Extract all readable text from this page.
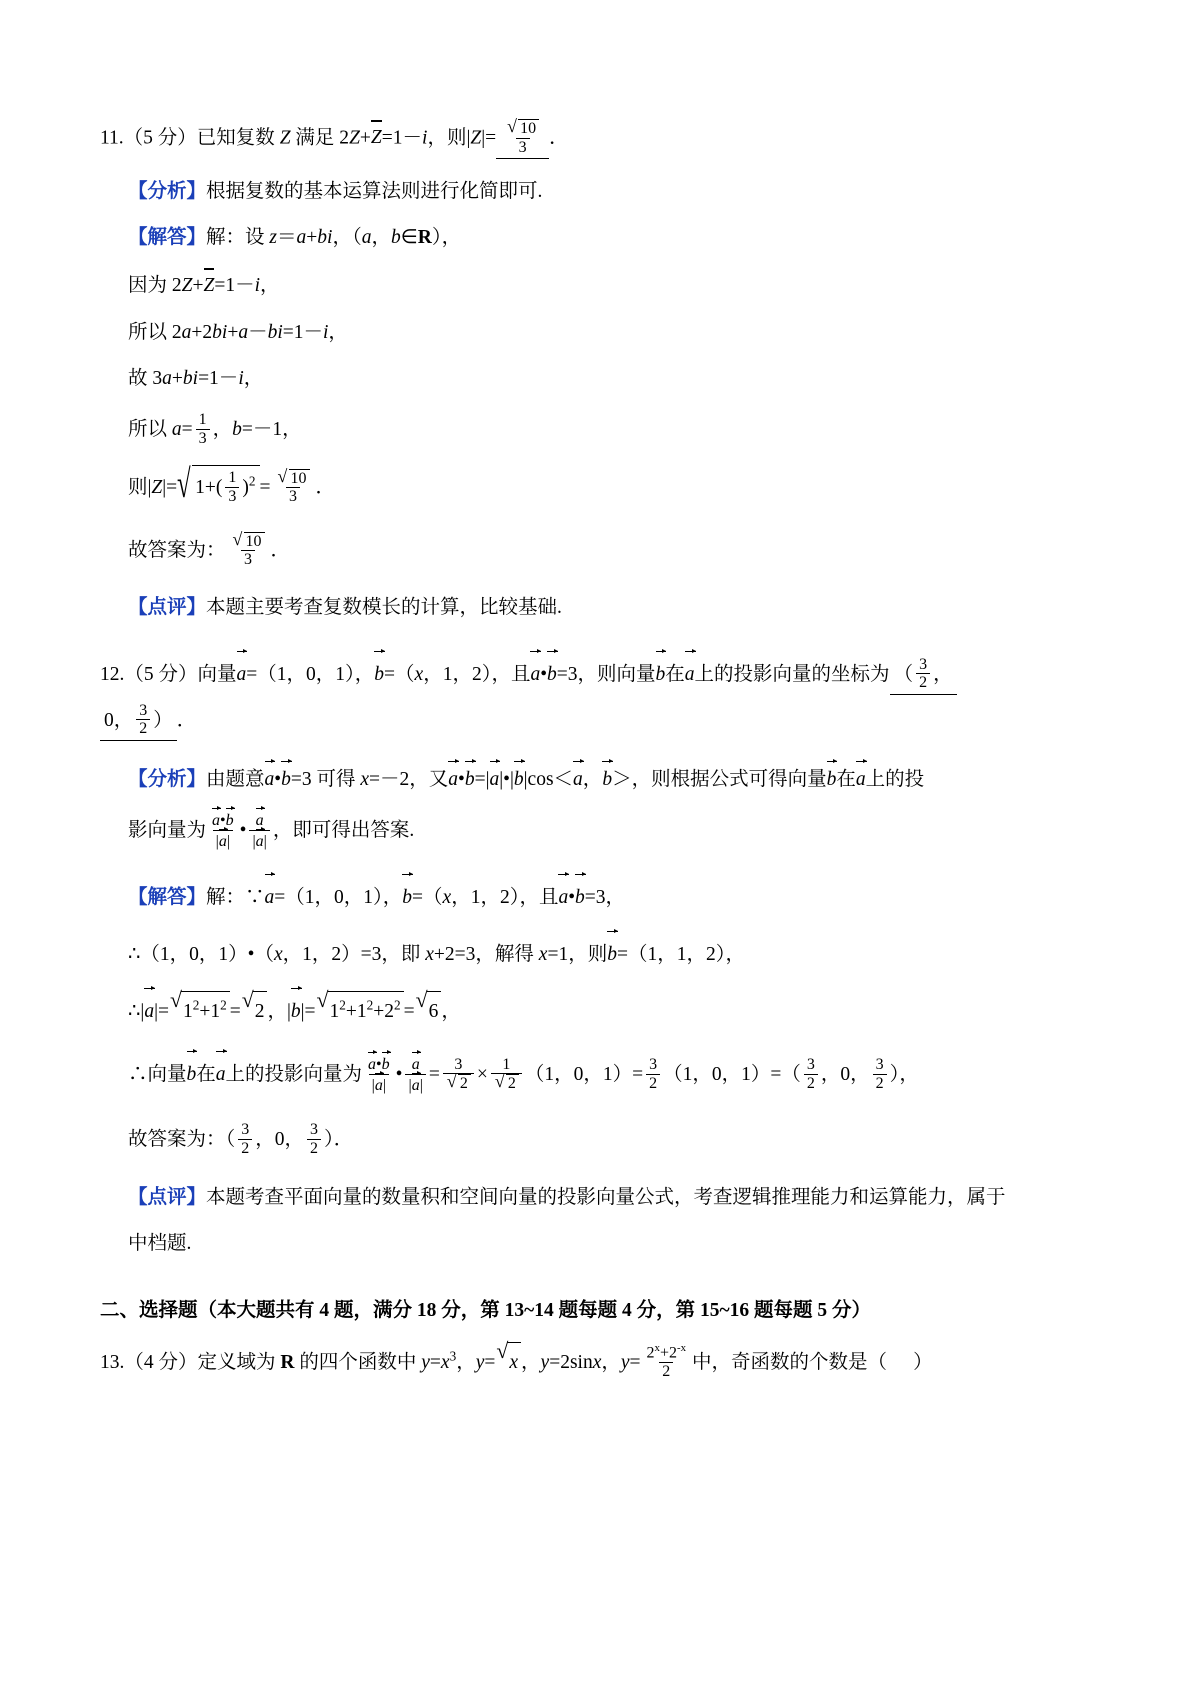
11.（5 分）已知复数 Z 满足 2Z+Z=1－i，则|Z|= √ $\frac{10}{3}$ ．
【分析】根据复数的基本运算法则进行化简即可.
【解答】解：设 z＝a+bi，（a，b∈R），
因为 2Z+Z=1－i，
所以 2a+2bi+a－bi=1－i，
故 3a+bi=1－i，
所以 $a= \frac{1}{3}$ ，b=－1，
则|Z|= √ $1+( \frac{1}{3} )^2$ = √ $\frac{10}{3}$ ．
故答案为： √ $\frac{10}{3}$ ．
【点评】本题主要考查复数模长的计算，比较基础.
12.（5 分）向量a=（1，0，1），b=（x，1，2），且a•b=3，则向量b在a上的投影向量的坐标为 （ $\frac{3}{2}$ ，
0， $\frac{3}{2}$ ） ．
【分析】由题意a•b=3 可得 x=－2，又a•b=|a|•|b|cos＜a，b＞，则根据公式可得向量b在a上的投
影向量为 $\frac{a•b}{|a|}$ • $\frac{a}{|a|}$ ，即可得出答案.
【解答】解：∵a=（1，0，1），b=（x，1，2），且a•b=3，
∴（1，0，1）•（x，1，2）=3，即 x+2=3，解得 x=1，则b=（1，1，2），
∴|a|= √ $1^2+1^2$ = √ 2 ，|b|= √ $1^2+1^2+2^2$ = √ 6 ，
∴向量b在a上的投影向量为 $\frac{a•b}{|a|}$ • $\frac{a}{|a|} = 3$
√ 2 × 1
√ 2 （1，0，$1)= \frac{3}{2} (1$，0，$1)=( \frac{3}{2}$ ，0， $\frac{3}{2}$ ），
故答案为：（ $\frac{3}{2}$ ，0， $\frac{3}{2}$ ）．
【点评】本题考查平面向量的数量积和空间向量的投影向量公式，考查逻辑推理能力和运算能力，属于
中档题.
二、选择题（本大题共有 4 题，满分 18 分，第 13~14 题每题 4 分，第 15~16 题每题 5 分）
13.（4 分）定义域为 R 的四个函数中 $y=x^3$，y= √ x ，y=2sinx，$y= \frac{2^x+2^{-x}}{2}$ 中，奇函数的个数是（ ）
